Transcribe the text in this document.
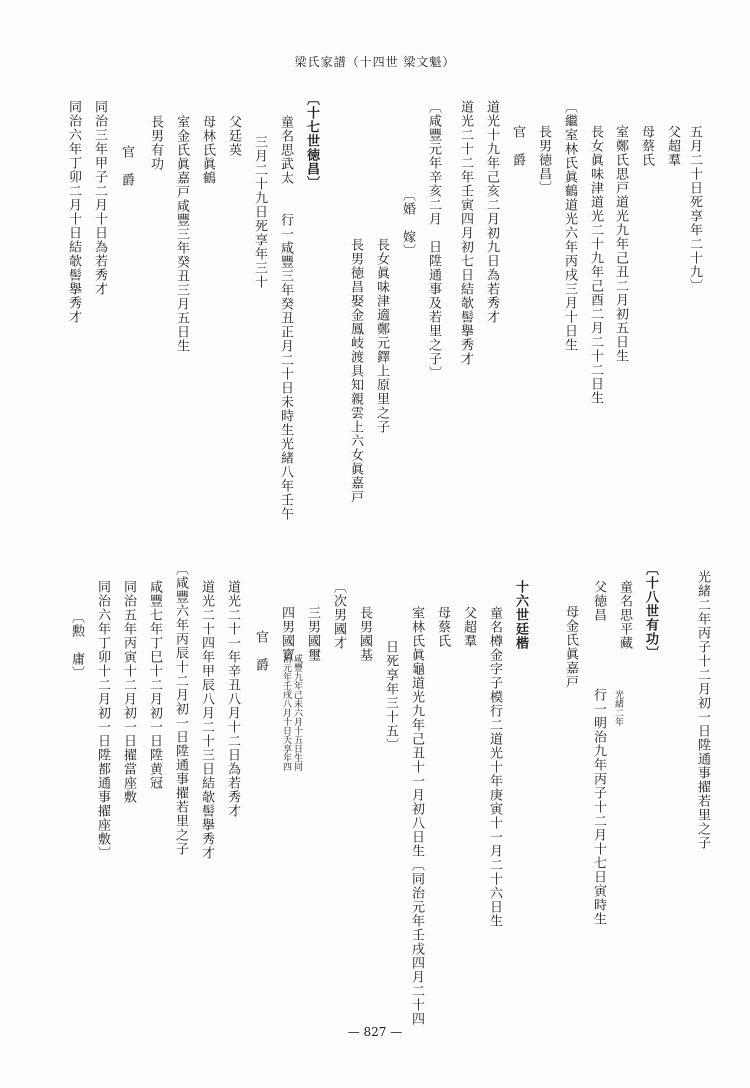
梁氏家譜（十四世 梁文魁）
五月二十日死享年二十九〕
父超羣
母蔡氏
室鄭氏思戸道光九年己丑二月初五日生
長女眞味津道光二十九年己酉二月二十二日生
〔繼室林氏眞鶴道光六年丙戌三月十日生
長男徳昌〕
官　爵
道光十九年己亥二月初九日為若秀才
道光二十二年壬寅四月初七日結欹髻擧秀才
〔咸豐元年辛亥二月　日陞通事及若里之子〕
〔婚　嫁〕
長女眞味津適鄭元鐸上原里之子
長男徳昌娶金鳳岐渡具知親雲上六女眞嘉戸
〔十七世徳昌〕
童名思武太　　行一咸豐三年癸丑正月二十日未時生光緒八年壬午
三月二十九日死享年三十
父廷英
母林氏眞鶴
室金氏眞嘉戸咸豐三年癸丑三月五日生
長男有功
官　爵
同治三年甲子二月十日為若秀才
同治六年丁卯二月十日結欹髻擧秀才
光緒二年丙子十二月初一日陞通事擢若里之子
〔十八世有功〕
童名思平藏
光緒二年
行一明治九年丙子十二月十七日寅時生
父徳昌
母金氏眞嘉戸
十六世廷楷
童名樽金字子模行二道光十年庚寅十一月二十六日生
父超羣
母蔡氏
室林氏眞龜道光九年己丑十一月初八日生〔同治元年壬戌四月二十四
日死享年三十五〕
長男國基
〔次男國才
三男國璽
四男國寳
咸豐九年己未六月十五日生同
治元年壬戌八月十日夭享年四
官　爵
道光二十一年辛丑八月十二日為若秀才
道光二十四年甲辰八月二十三日結欹髻擧秀才
〔咸豐六年丙辰十二月初一日陞通事擢若里之子
咸豐七年丁巳十二月初一日陞黄冠
同治五年丙寅十二月初一日擢當座敷
同治六年丁卯十二月初一日陞都通事擢座敷〕
〔勲　庸〕
— 827 —
